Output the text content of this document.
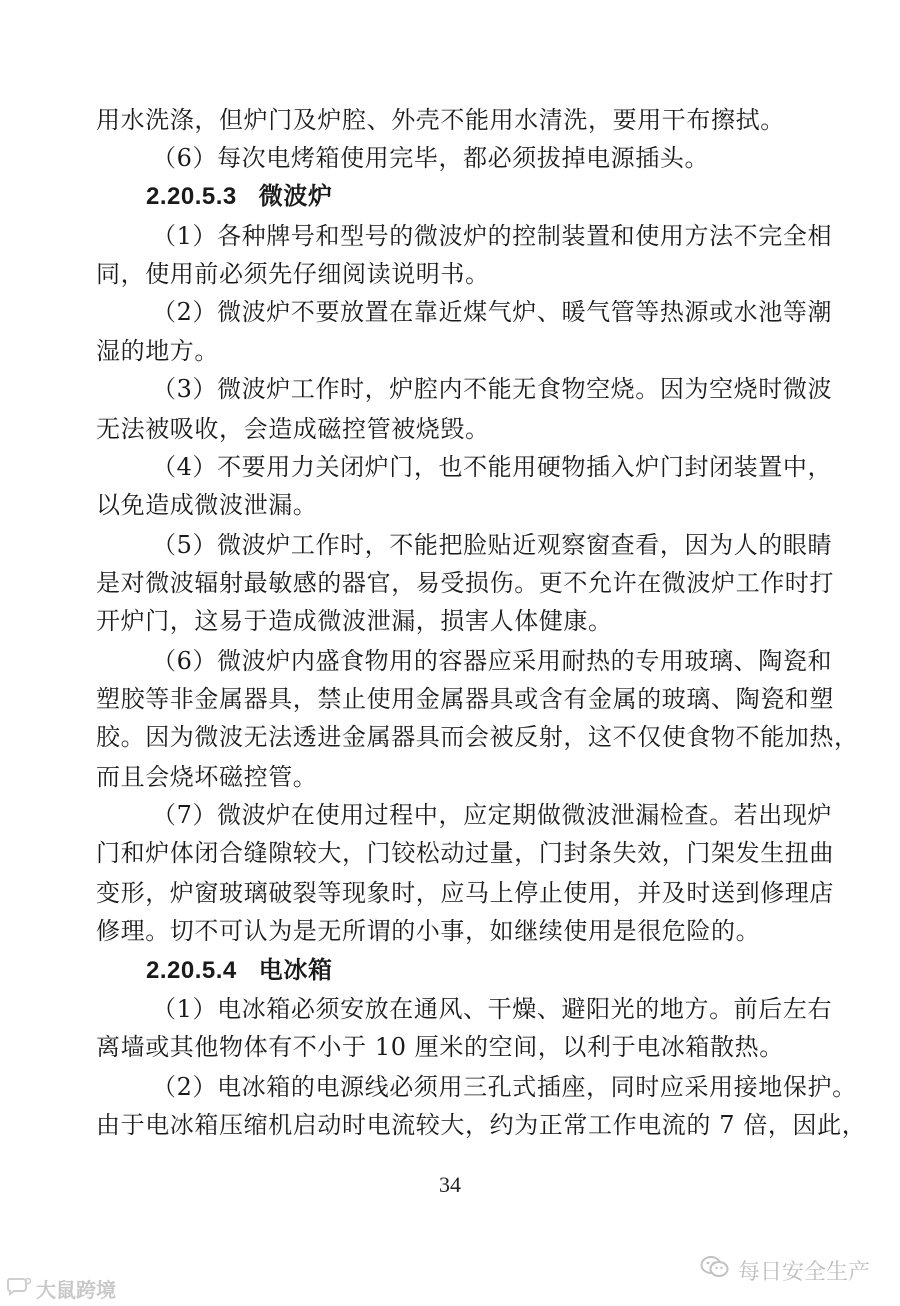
用水洗涤，但炉门及炉腔、外壳不能用水清洗，要用干布擦拭。
（6）每次电烤箱使用完毕，都必须拔掉电源插头。
2.20.5.3 微波炉
（1）各种牌号和型号的微波炉的控制装置和使用方法不完全相
同，使用前必须先仔细阅读说明书。
（2）微波炉不要放置在靠近煤气炉、暖气管等热源或水池等潮
湿的地方。
（3）微波炉工作时，炉腔内不能无食物空烧。因为空烧时微波
无法被吸收，会造成磁控管被烧毁。
（4）不要用力关闭炉门，也不能用硬物插入炉门封闭装置中，
以免造成微波泄漏。
（5）微波炉工作时，不能把脸贴近观察窗查看，因为人的眼睛
是对微波辐射最敏感的器官，易受损伤。更不允许在微波炉工作时打
开炉门，这易于造成微波泄漏，损害人体健康。
（6）微波炉内盛食物用的容器应采用耐热的专用玻璃、陶瓷和
塑胶等非金属器具，禁止使用金属器具或含有金属的玻璃、陶瓷和塑
胶。因为微波无法透进金属器具而会被反射，这不仅使食物不能加热，
而且会烧坏磁控管。
（7）微波炉在使用过程中，应定期做微波泄漏检查。若出现炉
门和炉体闭合缝隙较大，门铰松动过量，门封条失效，门架发生扭曲
变形，炉窗玻璃破裂等现象时，应马上停止使用，并及时送到修理店
修理。切不可认为是无所谓的小事，如继续使用是很危险的。
2.20.5.4 电冰箱
（1）电冰箱必须安放在通风、干燥、避阳光的地方。前后左右
离墙或其他物体有不小于 10 厘米的空间，以利于电冰箱散热。
（2）电冰箱的电源线必须用三孔式插座，同时应采用接地保护。
由于电冰箱压缩机启动时电流较大，约为正常工作电流的 7 倍，因此，
34
每日安全生产
大鼠跨境
